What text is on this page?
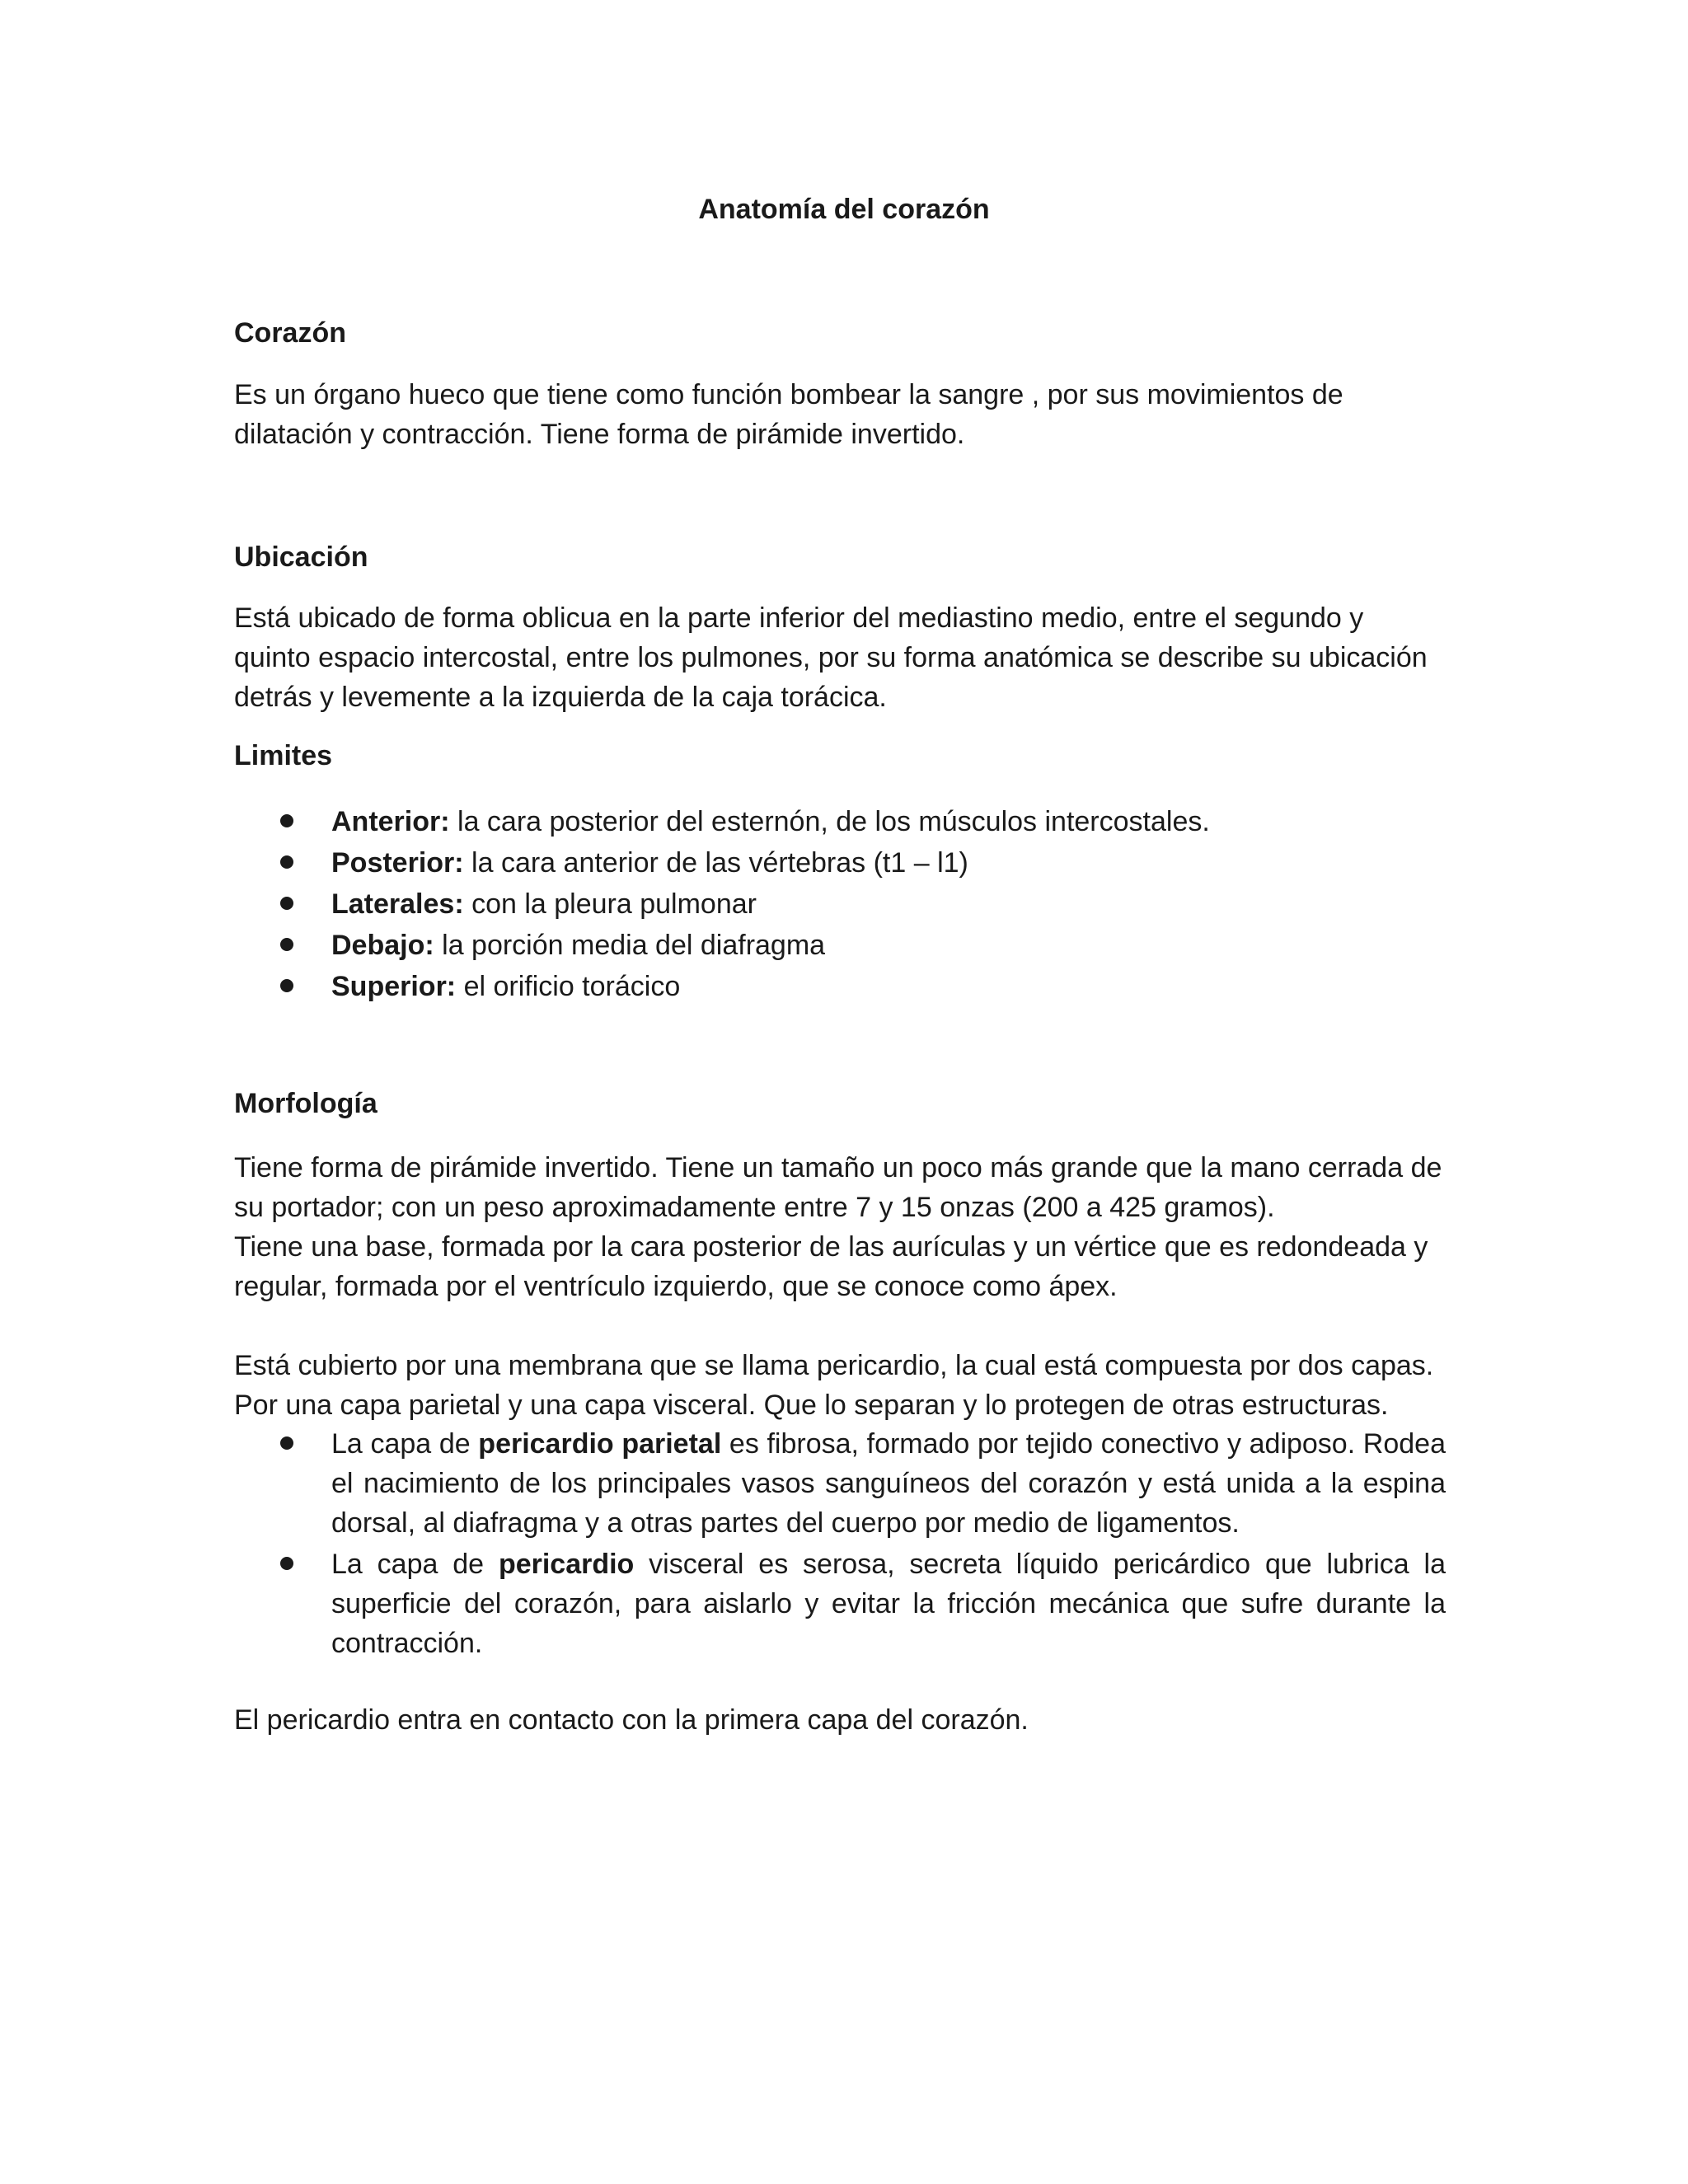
Anatomía del corazón

Corazón

Es un órgano hueco que tiene como función bombear la sangre , por sus movimientos de dilatación y contracción. Tiene forma de pirámide invertido.

Ubicación

Está ubicado de forma oblicua en la parte inferior del mediastino medio, entre el segundo y quinto espacio intercostal, entre los pulmones, por su forma anatómica se describe su ubicación detrás y levemente a la izquierda de la caja torácica.

Limites

Anterior: la cara posterior del esternón, de los músculos intercostales.
Posterior: la cara anterior de las vértebras (t1 – l1)
Laterales: con la pleura pulmonar
Debajo: la porción media del diafragma
Superior: el orificio torácico

Morfología

Tiene forma de pirámide invertido. Tiene un tamaño un poco más grande que la mano cerrada de su portador; con un peso aproximadamente entre 7 y 15 onzas (200 a 425 gramos).

Tiene una base, formada por la cara posterior de las aurículas y un vértice que es redondeada y regular, formada por el ventrículo izquierdo, que se conoce como ápex.

Está cubierto por una membrana que se llama pericardio, la cual está compuesta por dos capas. Por una capa parietal y una capa visceral. Que lo separan y lo protegen de otras estructuras.

La capa de pericardio parietal es fibrosa, formado por tejido conectivo y adiposo. Rodea el nacimiento de los principales vasos sanguíneos del corazón y está unida a la espina dorsal, al diafragma y a otras partes del cuerpo por medio de ligamentos.
La capa de pericardio visceral es serosa, secreta líquido pericárdico que lubrica la superficie del corazón, para aislarlo y evitar la fricción mecánica que sufre durante la contracción.

El pericardio entra en contacto con la primera capa del corazón.
